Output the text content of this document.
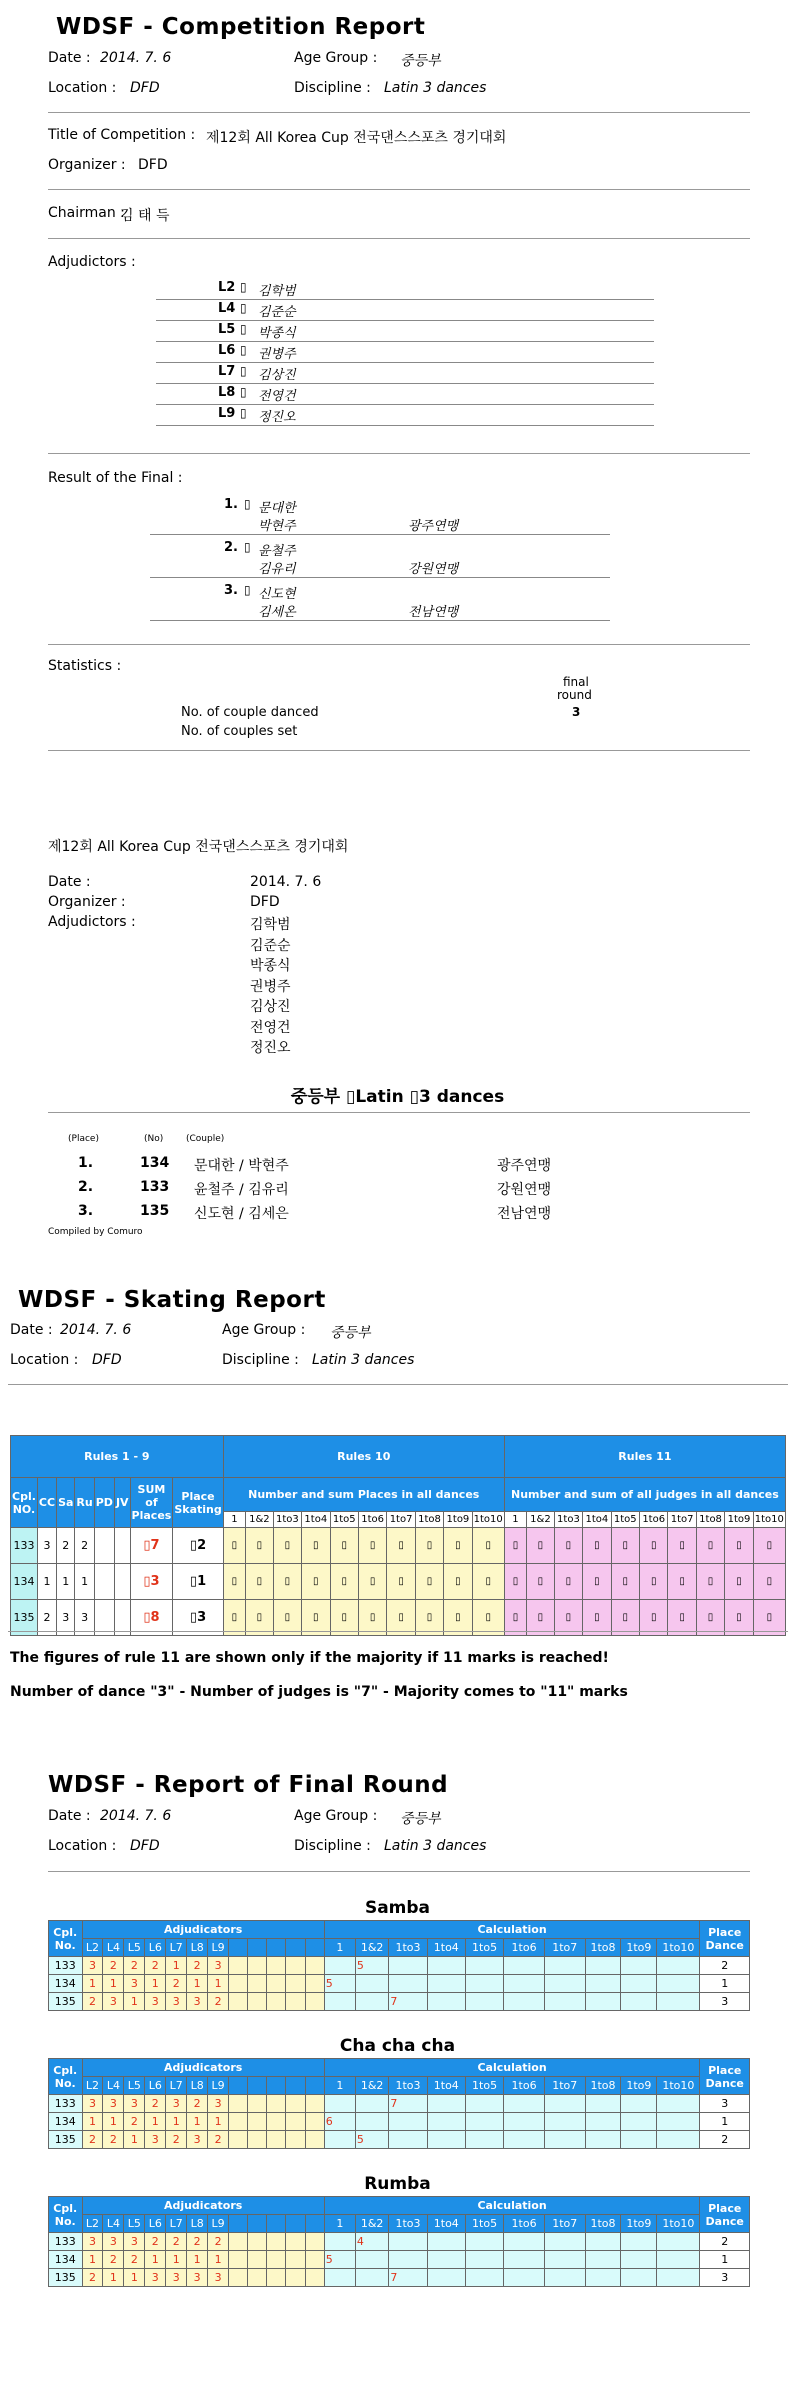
WDSF - Competition Report
Date : 2014. 7. 6	Age Group : 중등부
Location : DFD	Discipline : Latin 3 dances
Title of Competition : 제12회 All Korea Cup 전국댄스스포츠 경기대회
Organizer : DFD
Chairman :
김 태 득
Adjudictors :
L2 ▯ 김학범
L4 ▯ 김준순
L5 ▯ 박종식
L6 ▯ 권병주
L7 ▯ 김상진
L8 ▯ 전영건
L9 ▯ 정진오
Result of the Final :
1. ▯ 문대한
박현주	광주연맹
2. ▯ 윤철주
김유리	강원연맹
3. ▯ 신도현
김세온	전남연맹
Statistics :
final
round
3
No. of couple danced
No. of couples set
제12회 All Korea Cup 전국댄스스포츠 경기대회
Date :	2014. 7. 6
Organizer :	DFD
Adjudictors :	김학범
김준순
박종식
권병주
김상진
전영건
정진오
중등부 ▯Latin ▯3 dances
(Place)	(No)	(Couple)
1.	134 문대한 / 박현주	광주연맹
2.	133 윤철주 / 김유리	강원연맹
3.	135 신도현 / 김세은	전남연맹
Compiled by Comuro
WDSF - Skating Report
Date : 2014. 7. 6	Age Group : 중등부
Location : DFD	Discipline : Latin 3 dances
Rules 1 - 9								Rules 10										Rules 11									
Cpl. NO.	CC	Sa	Ru	PD	JV	SUM of Places	Place Skating	Number and sum Places in all dances										Number and sum of all judges in all dances									
								1	1&2	1to3	1to4	1to5	1to6	1to7	1to8	1to9	1to10	1	1&2	1to3	1to4	1to5	1to6	1to7	1to8	1to9	1to10
133	3	2	2			▯7	▯2	▯	▯	▯	▯	▯	▯	▯	▯	▯	▯	▯	▯	▯	▯	▯	▯	▯	▯	▯	▯
134	1	1	1			▯3	▯1	▯	▯	▯	▯	▯	▯	▯	▯	▯	▯	▯	▯	▯	▯	▯	▯	▯	▯	▯	▯
135	2	3	3			▯8	▯3	▯	▯	▯	▯	▯	▯	▯	▯	▯	▯	▯	▯	▯	▯	▯	▯	▯	▯	▯	▯
The figures of rule 11 are shown only if the majority if 11 marks is reached!
Number of dance "3" - Number of judges is "7" - Majority comes to "11" marks
WDSF - Report of Final Round
Date : 2014. 7. 6	Age Group : 중등부
Location : DFD	Discipline : Latin 3 dances
Samba
Cpl. No.	Adjudicators												Calculation										Place Dance
	L2	L4	L5	L6	L7	L8	L9						1	1&2	1to3	1to4	1to5	1to6	1to7	1to8	1to9	1to10	
133	3	2	2	2	1	2	3							5									2
134	1	1	3	1	2	1	1						5										1
135	2	3	1	3	3	3	2								7								3
Cha cha cha
Cpl. No.	Adjudicators												Calculation										Place Dance
	L2	L4	L5	L6	L7	L8	L9						1	1&2	1to3	1to4	1to5	1to6	1to7	1to8	1to9	1to10	
133	3	3	3	2	3	2	3								7								3
134	1	1	2	1	1	1	1						6										1
135	2	2	1	3	2	3	2							5									2
Rumba
Cpl. No.	Adjudicators												Calculation										Place Dance
	L2	L4	L5	L6	L7	L8	L9						1	1&2	1to3	1to4	1to5	1to6	1to7	1to8	1to9	1to10	
133	3	3	3	2	2	2	2							4									2
134	1	2	2	1	1	1	1						5										1
135	2	1	1	3	3	3	3								7								3
